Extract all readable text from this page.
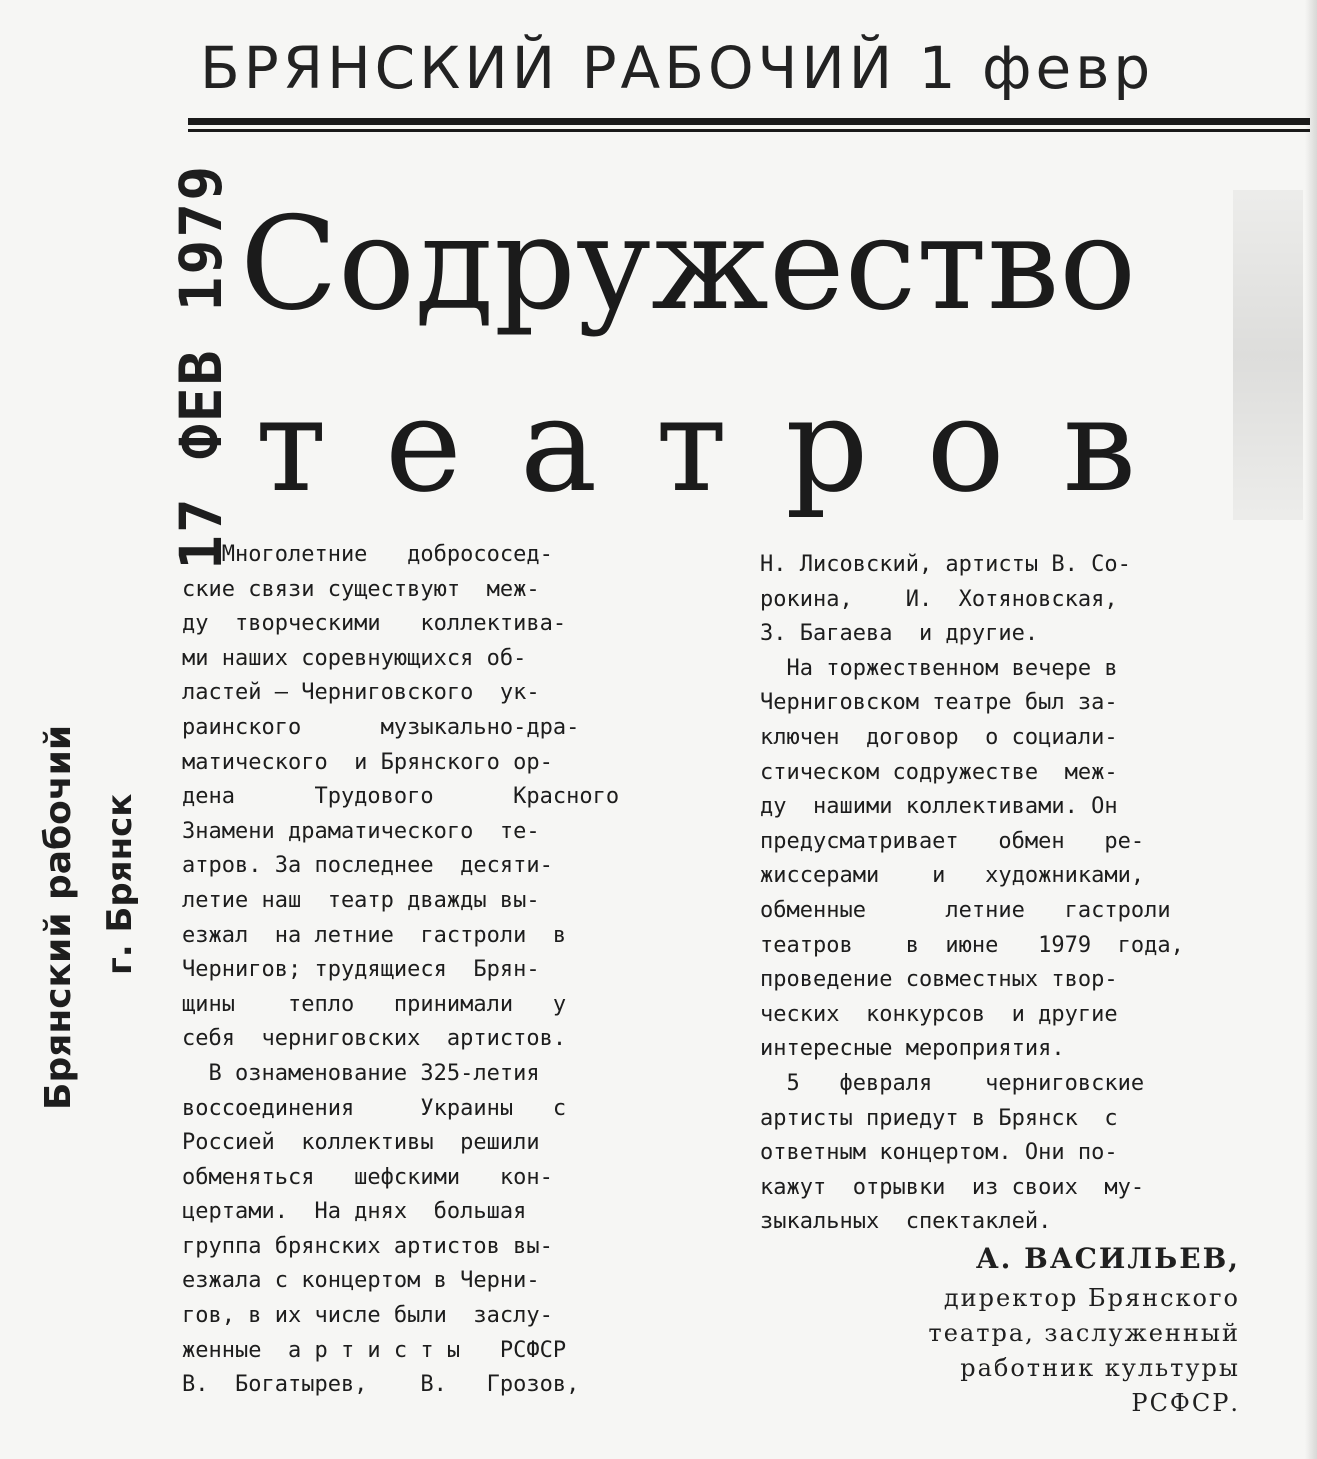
БРЯНСКИЙ РАБОЧИЙ 1 февр
17 ФЕВ 1979
Брянский рабочий г. Брянск
Содружество
театров

Многолетние   добрососед-

ские связи существуют  меж-

ду  творческими   коллектива-

ми наших соревнующихся об-

ластей — Черниговского  ук-

раинского      музыкально-дра-

матического  и Брянского ор-

дена      Трудового      Красного

Знамени драматического  те-

атров. За последнее  десяти-

летие наш  театр дважды вы-

езжал  на летние  гастроли  в

Чернигов; трудящиеся  Брян-

щины    тепло   принимали   у

себя  черниговских  артистов.

В ознаменование 325-летия

воссоединения     Украины   с

Россией  коллективы  решили

обменяться   шефскими   кон-

цертами.  На днях  большая

группа брянских артистов вы-

езжала с концертом в Черни-

гов, в их числе были  заслу-

женные  а р т и с т ы   РСФСР

В.  Богатырев,    В.   Грозов,

Н. Лисовский, артисты В. Со-

рокина,    И.  Хотяновская,

З. Багаева  и другие.

На торжественном вечере в

Черниговском театре был за-

ключен  договор  о социали-

стическом содружестве  меж-

ду  нашими коллективами. Он

предусматривает   обмен   ре-

жиссерами    и   художниками,

обменные      летние   гастроли

театров    в  июне   1979  года,

проведение совместных твор-

ческих  конкурсов  и другие

интересные мероприятия.

5   февраля    черниговские

артисты приедут в Брянск  с

ответным концертом. Они по-

кажут  отрывки  из своих  му-

зыкальных  спектаклей.

А. ВАСИЛЬЕВ,
директор Брянского
театра, заслуженный
работник культуры
РСФСР.
